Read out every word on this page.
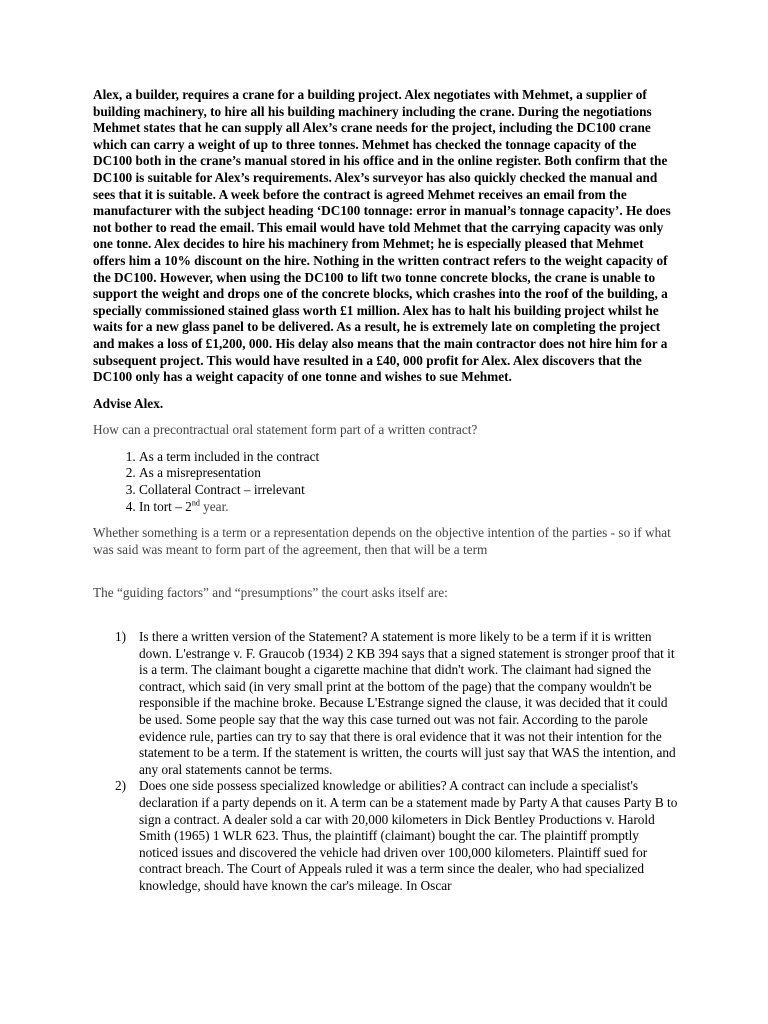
Alex, a builder, requires a crane for a building project. Alex negotiates with Mehmet, a supplier of building machinery, to hire all his building machinery including the crane. During the negotiations Mehmet states that he can supply all Alex’s crane needs for the project, including the DC100 crane which can carry a weight of up to three tonnes. Mehmet has checked the tonnage capacity of the DC100 both in the crane’s manual stored in his office and in the online register. Both confirm that the DC100 is suitable for Alex’s requirements. Alex’s surveyor has also quickly checked the manual and sees that it is suitable. A week before the contract is agreed Mehmet receives an email from the manufacturer with the subject heading ‘DC100 tonnage: error in manual’s tonnage capacity’. He does not bother to read the email. This email would have told Mehmet that the carrying capacity was only one tonne. Alex decides to hire his machinery from Mehmet; he is especially pleased that Mehmet offers him a 10% discount on the hire. Nothing in the written contract refers to the weight capacity of the DC100. However, when using the DC100 to lift two tonne concrete blocks, the crane is unable to support the weight and drops one of the concrete blocks, which crashes into the roof of the building, a specially commissioned stained glass worth £1 million. Alex has to halt his building project whilst he waits for a new glass panel to be delivered. As a result, he is extremely late on completing the project and makes a loss of £1,200, 000. His delay also means that the main contractor does not hire him for a subsequent project. This would have resulted in a £40, 000 profit for Alex. Alex discovers that the DC100 only has a weight capacity of one tonne and wishes to sue Mehmet.

Advise Alex.

How can a precontractual oral statement form part of a written contract?

1. As a term included in the contract
2. As a misrepresentation
3. Collateral Contract – irrelevant
4. In tort – 2nd year.

Whether something is a term or a representation depends on the objective intention of the parties - so if what was said was meant to form part of the agreement, then that will be a term

The “guiding factors” and “presumptions” the court asks itself are:

1) Is there a written version of the Statement? A statement is more likely to be a term if it is written down. L'estrange v. F. Graucob (1934) 2 KB 394 says that a signed statement is stronger proof that it is a term. The claimant bought a cigarette machine that didn't work. The claimant had signed the contract, which said (in very small print at the bottom of the page) that the company wouldn't be responsible if the machine broke. Because L'Estrange signed the clause, it was decided that it could be used. Some people say that the way this case turned out was not fair. According to the parole evidence rule, parties can try to say that there is oral evidence that it was not their intention for the statement to be a term. If the statement is written, the courts will just say that WAS the intention, and any oral statements cannot be terms.
2) Does one side possess specialized knowledge or abilities? A contract can include a specialist's declaration if a party depends on it. A term can be a statement made by Party A that causes Party B to sign a contract. A dealer sold a car with 20,000 kilometers in Dick Bentley Productions v. Harold Smith (1965) 1 WLR 623. Thus, the plaintiff (claimant) bought the car. The plaintiff promptly noticed issues and discovered the vehicle had driven over 100,000 kilometers. Plaintiff sued for contract breach. The Court of Appeals ruled it was a term since the dealer, who had specialized knowledge, should have known the car's mileage. In Oscar
